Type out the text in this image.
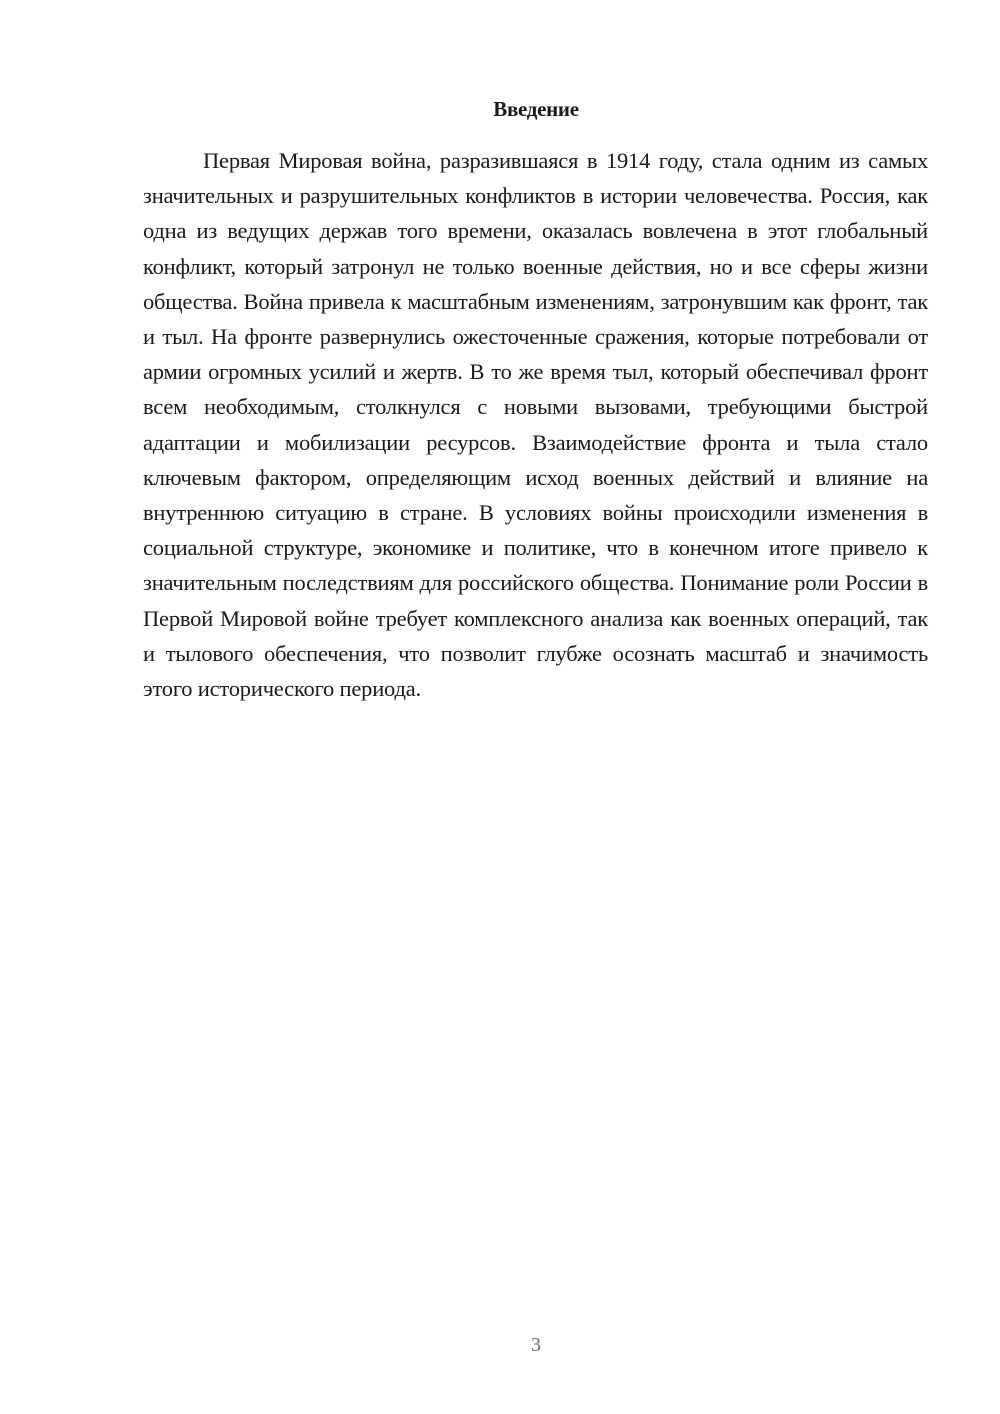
Введение

Первая Мировая война, разразившаяся в 1914 году, стала одним из самых значительных и разрушительных конфликтов в истории человечества. Россия, как одна из ведущих держав того времени, оказалась вовлечена в этот глобальный конфликт, который затронул не только военные действия, но и все сферы жизни общества. Война привела к масштабным изменениям, затронувшим как фронт, так и тыл. На фронте развернулись ожесточенные сражения, которые потребовали от армии огромных усилий и жертв. В то же время тыл, который обеспечивал фронт всем необходимым, столкнулся с новыми вызовами, требующими быстрой адаптации и мобилизации ресурсов. Взаимодействие фронта и тыла стало ключевым фактором, определяющим исход военных действий и влияние на внутреннюю ситуацию в стране. В условиях войны происходили изменения в социальной структуре, экономике и политике, что в конечном итоге привело к значительным последствиям для российского общества. Понимание роли России в Первой Мировой войне требует комплексного анализа как военных операций, так и тылового обеспечения, что позволит глубже осознать масштаб и значимость этого исторического периода.

3
